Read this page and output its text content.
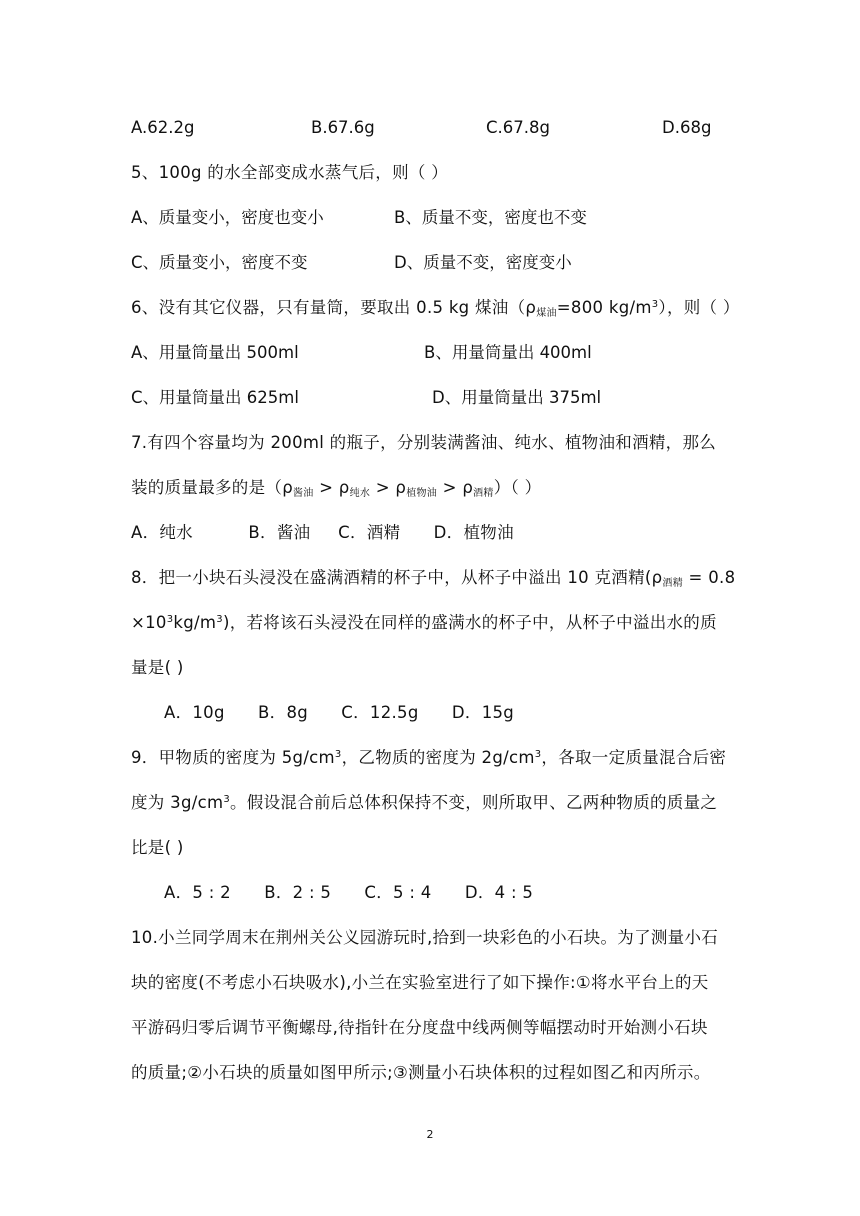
A.62.2g	B.67.6g	C.67.8g	D.68g
5、100g 的水全部变成水蒸气后，则（ ）
A、质量变小，密度也变小	B、质量不变，密度也不变
C、质量变小，密度不变	D、质量不变，密度变小
6、没有其它仪器，只有量筒，要取出 0.5 kg 煤油（$\rho_{煤油}=800$ $kg/m^3$），则（ ）
A、用量筒量出 500ml	B、用量筒量出 400ml
C、用量筒量出 625ml	D、用量筒量出 375ml
7.有四个容量均为 200ml 的瓶子，分别装满酱油、纯水、植物油和酒精，那么
装的质量最多的是$(\rho_{酱油} > \rho_{纯水} > \rho_{植物油} > \rho_{酒精})$（ ）
A．纯水          B．酱油     C．酒精      D．植物油
8．把一小块石头浸没在盛满酒精的杯子中，从杯子中溢出 10 克酒精($\rho_{酒精} = 0.8$
$\times 10^3kg/m^3$)，若将该石头浸没在同样的盛满水的杯子中，从杯子中溢出水的质
量是( )
A．10g      B．8g      C．12.5g      D．15g
9．甲物质的密度为 $5g/cm^3$，乙物质的密度为 $2g/cm^3$，各取一定质量混合后密
度为 $3g/cm^3$。假设混合前后总体积保持不变，则所取甲、乙两种物质的质量之
比是( )
A．5 : 2      B．2 : 5      C．5 : 4      D．4 : 5
10.小兰同学周末在荆州关公义园游玩时,拾到一块彩色的小石块。为了测量小石
块的密度(不考虑小石块吸水),小兰在实验室进行了如下操作:①将水平台上的天
平游码归零后调节平衡螺母,待指针在分度盘中线两侧等幅摆动时开始测小石块
的质量;②小石块的质量如图甲所示;③测量小石块体积的过程如图乙和丙所示。
2
